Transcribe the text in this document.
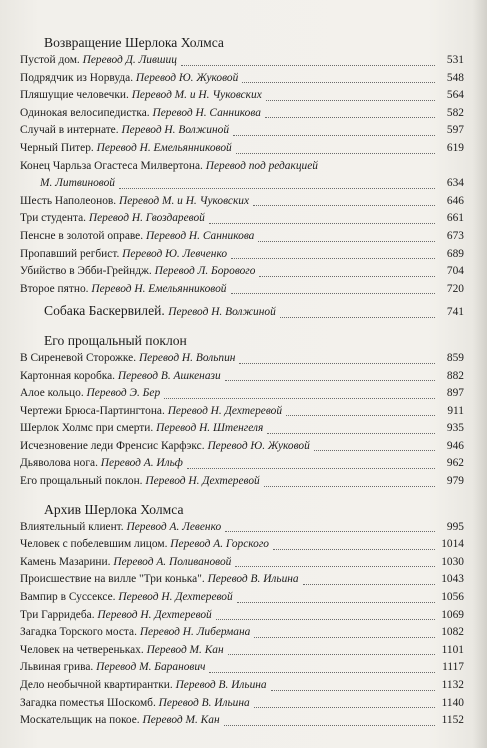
Возвращение Шерлока Холмса
Пустой дом. Перевод Д. Лившиц	531
Подрядчик из Норвуда. Перевод Ю. Жуковой	548
Пляшущие человечки. Перевод М. и Н. Чуковских	564
Одинокая велосипедистка. Перевод Н. Санникова	582
Случай в интернате. Перевод Н. Волжиной	597
Черный Питер. Перевод Н. Емельянниковой	619
Конец Чарльза Огастеса Милвертона. Перевод под редакцией
М. Литвиновой	634
Шесть Наполеонов. Перевод М. и Н. Чуковских	646
Три студента. Перевод Н. Гвоздаревой	661
Пенсне в золотой оправе. Перевод Н. Санникова	673
Пропавший регбист. Перевод Ю. Левченко	689
Убийство в Эбби-Грейндж. Перевод Л. Борового	704
Второе пятно. Перевод Н. Емельянниковой	720
Собака Баскервилей. Перевод Н. Волжиной	741
Его прощальный поклон
В Сиреневой Сторожке. Перевод Н. Вольпин	859
Картонная коробка. Перевод В. Ашкенази	882
Алое кольцо. Перевод Э. Бер	897
Чертежи Брюса-Партингтона. Перевод Н. Дехтеревой	911
Шерлок Холмс при смерти. Перевод Н. Штенгеля	935
Исчезновение леди Френсис Карфэкс. Перевод Ю. Жуковой	946
Дьяволова нога. Перевод А. Ильф	962
Его прощальный поклон. Перевод Н. Дехтеревой	979
Архив Шерлока Холмса
Влиятельный клиент. Перевод А. Левенко	995
Человек с побелевшим лицом. Перевод А. Горского	1014
Камень Мазарини. Перевод А. Поливановой	1030
Происшествие на вилле "Три конька". Перевод В. Ильина	1043
Вампир в Суссексе. Перевод Н. Дехтеревой	1056
Три Гарридеба. Перевод Н. Дехтеревой	1069
Загадка Торского моста. Перевод Н. Либермана	1082
Человек на четвереньках. Перевод М. Кан	1101
Львиная грива. Перевод М. Баранович	1117
Дело необычной квартирантки. Перевод В. Ильина	1132
Загадка поместья Шоскомб. Перевод В. Ильина	1140
Москательщик на покое. Перевод М. Кан	1152
